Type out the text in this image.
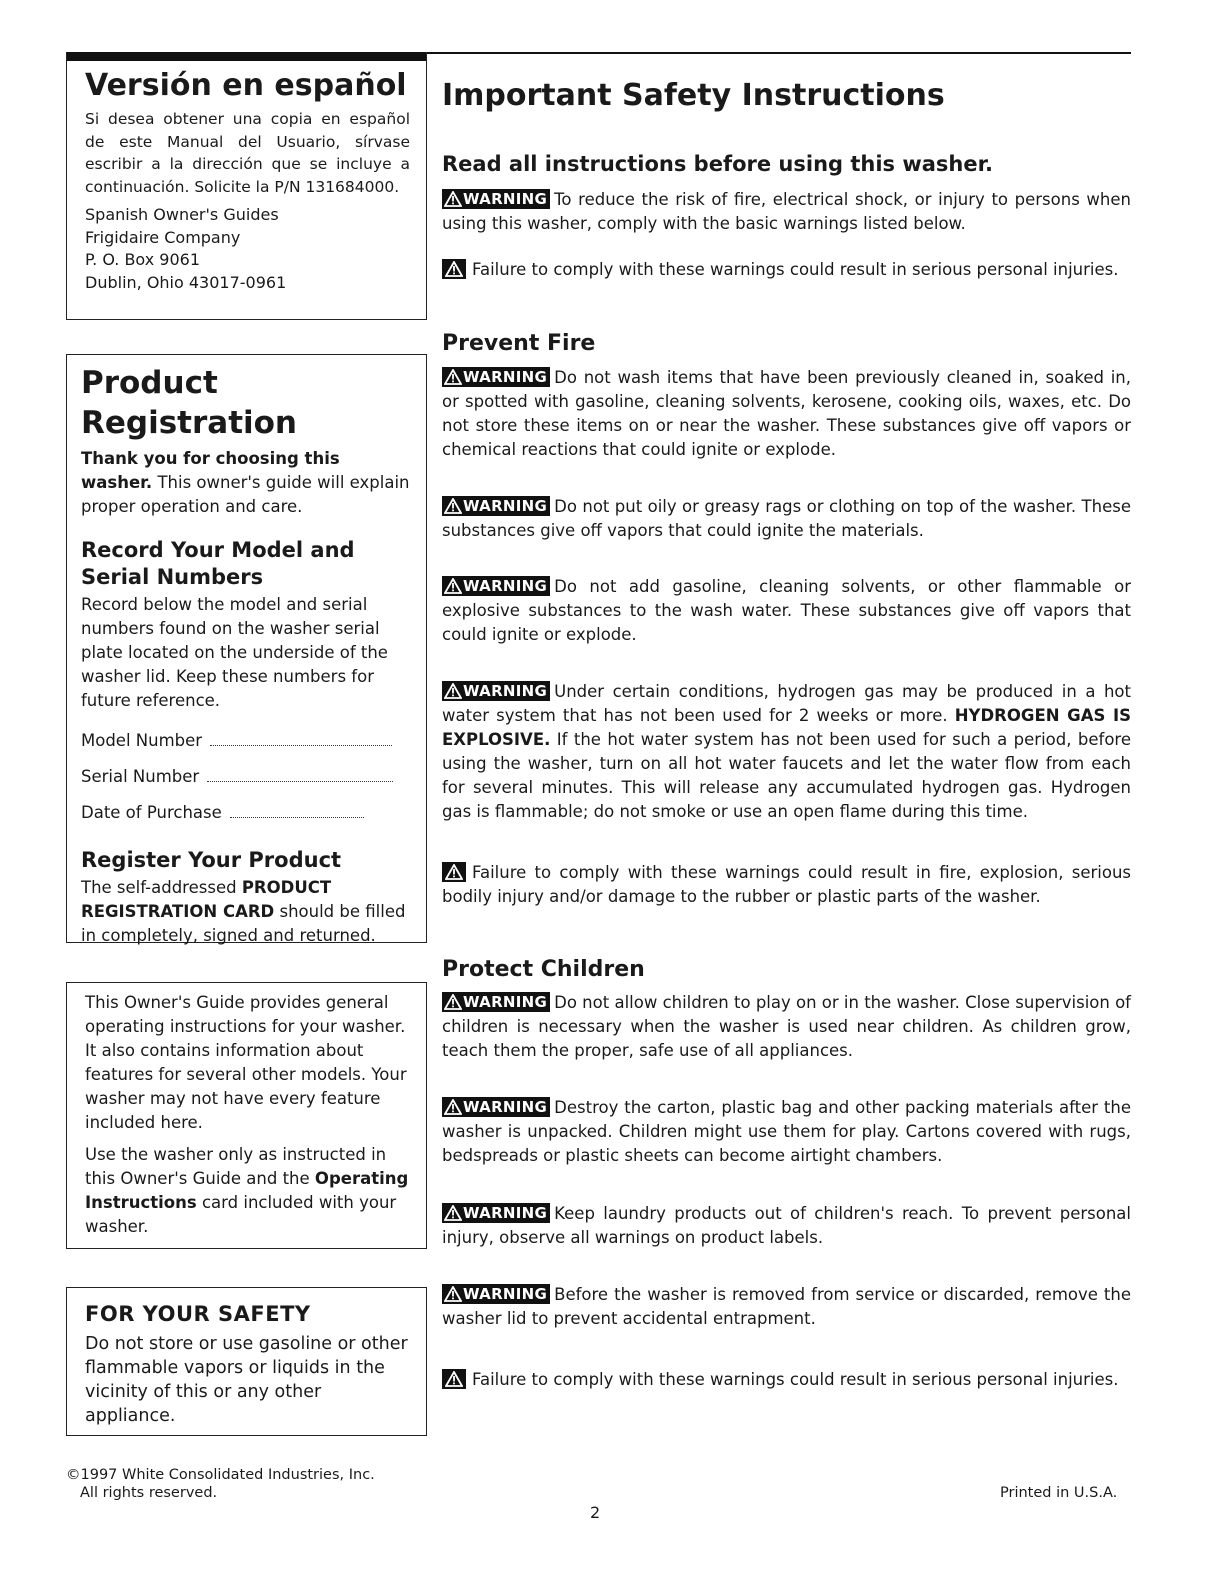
Versión en español

Si desea obtener una copia en español de este Manual del Usuario, sírvase escribir a la dirección que se incluye a continuación. Solicite la P/N 131684000.

Spanish Owner's Guides
Frigidaire Company
P. O. Box 9061
Dublin, Ohio 43017-0961
Product Registration

Thank you for choosing this washer. This owner's guide will explain proper operation and care.

Record Your Model and Serial Numbers

Record below the model and serial numbers found on the washer serial plate located on the underside of the washer lid. Keep these numbers for future reference.

Model Number
Serial Number
Date of Purchase
Register Your Product

The self-addressed PRODUCT REGISTRATION CARD should be filled in completely, signed and returned.

This Owner's Guide provides general operating instructions for your washer. It also contains information about features for several other models. Your washer may not have every feature included here.

Use the washer only as instructed in this Owner's Guide and the Operating Instructions card included with your washer.

FOR YOUR SAFETY

Do not store or use gasoline or other flammable vapors or liquids in the vicinity of this or any other appliance.

Important Safety Instructions
Read all instructions before using this washer.

WARNING To reduce the risk of fire, electrical shock, or injury to persons when using this washer, comply with the basic warnings listed below.

Failure to comply with these warnings could result in serious personal injuries.

Prevent Fire

WARNING Do not wash items that have been previously cleaned in, soaked in, or spotted with gasoline, cleaning solvents, kerosene, cooking oils, waxes, etc. Do not store these items on or near the washer. These substances give off vapors or chemical reactions that could ignite or explode.

WARNING Do not put oily or greasy rags or clothing on top of the washer. These substances give off vapors that could ignite the materials.

WARNING Do not add gasoline, cleaning solvents, or other flammable or explosive substances to the wash water. These substances give off vapors that could ignite or explode.

WARNING Under certain conditions, hydrogen gas may be produced in a hot water system that has not been used for 2 weeks or more. HYDROGEN GAS IS EXPLOSIVE. If the hot water system has not been used for such a period, before using the washer, turn on all hot water faucets and let the water flow from each for several minutes. This will release any accumulated hydrogen gas. Hydrogen gas is flammable; do not smoke or use an open flame during this time.

Failure to comply with these warnings could result in fire, explosion, serious bodily injury and/or damage to the rubber or plastic parts of the washer.

Protect Children

WARNING Do not allow children to play on or in the washer. Close supervision of children is necessary when the washer is used near children. As children grow, teach them the proper, safe use of all appliances.

WARNING Destroy the carton, plastic bag and other packing materials after the washer is unpacked. Children might use them for play. Cartons covered with rugs, bedspreads or plastic sheets can become airtight chambers.

WARNING Keep laundry products out of children's reach. To prevent personal injury, observe all warnings on product labels.

WARNING Before the washer is removed from service or discarded, remove the washer lid to prevent accidental entrapment.

Failure to comply with these warnings could result in serious personal injuries.

©1997 White Consolidated Industries, Inc.
All rights reserved.	Printed in U.S.A.
2
